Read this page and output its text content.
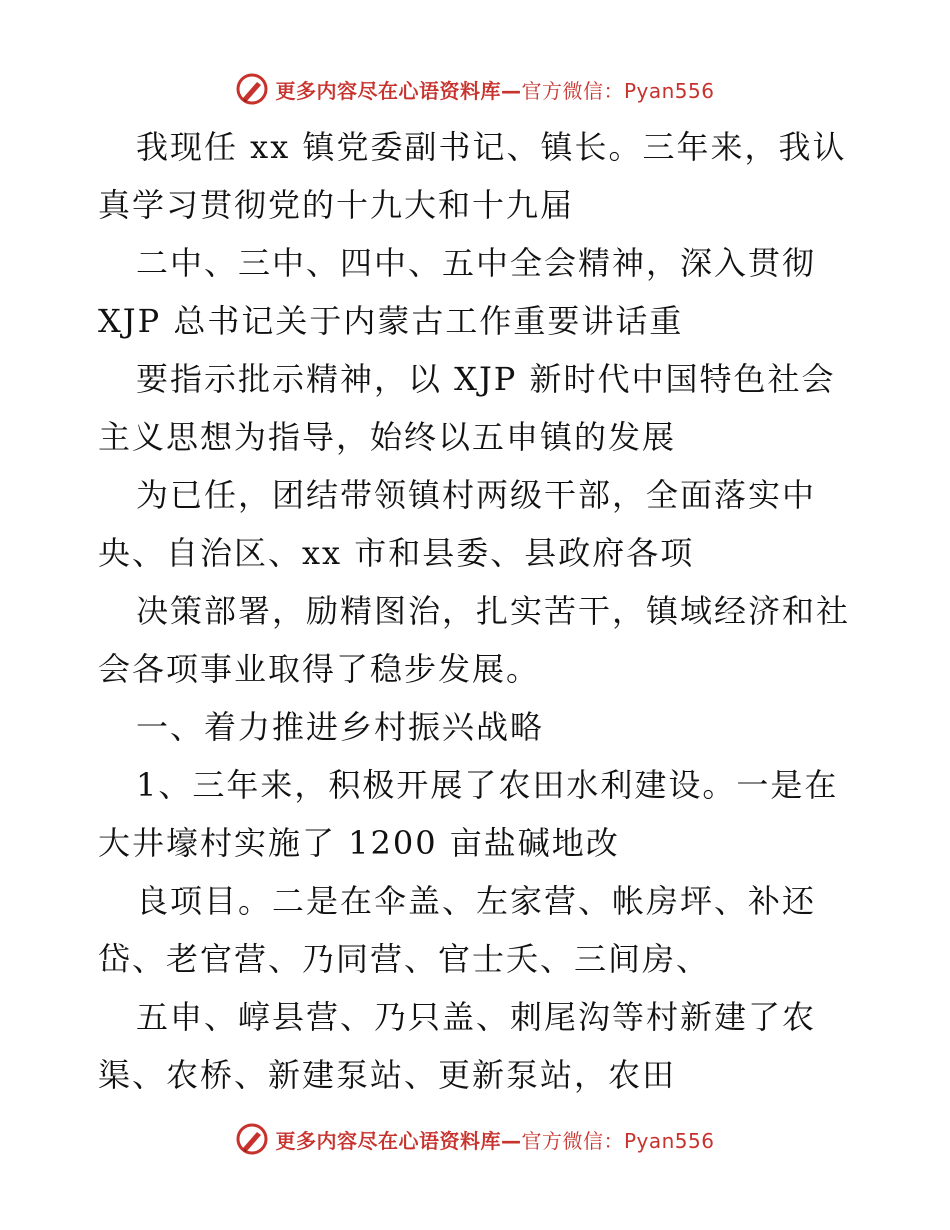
更多内容尽在心语资料库—官方微信：Pyan556
我现任 xx 镇党委副书记、镇长。三年来，我认
真学习贯彻党的十九大和十九届
二中、三中、四中、五中全会精神，深入贯彻
XJP 总书记关于内蒙古工作重要讲话重
要指示批示精神，以 XJP 新时代中国特色社会
主义思想为指导，始终以五申镇的发展
为已任，团结带领镇村两级干部，全面落实中
央、自治区、xx 市和县委、县政府各项
决策部署，励精图治，扎实苦干，镇域经济和社
会各项事业取得了稳步发展。
一、着力推进乡村振兴战略
1、三年来，积极开展了农田水利建设。一是在
大井壕村实施了 1200 亩盐碱地改
良项目。二是在伞盖、左家营、帐房坪、补还
岱、老官营、乃同营、官士夭、三间房、
五申、崞县营、乃只盖、刺尾沟等村新建了农
渠、农桥、新建泵站、更新泵站，农田
更多内容尽在心语资料库—官方微信：Pyan556
